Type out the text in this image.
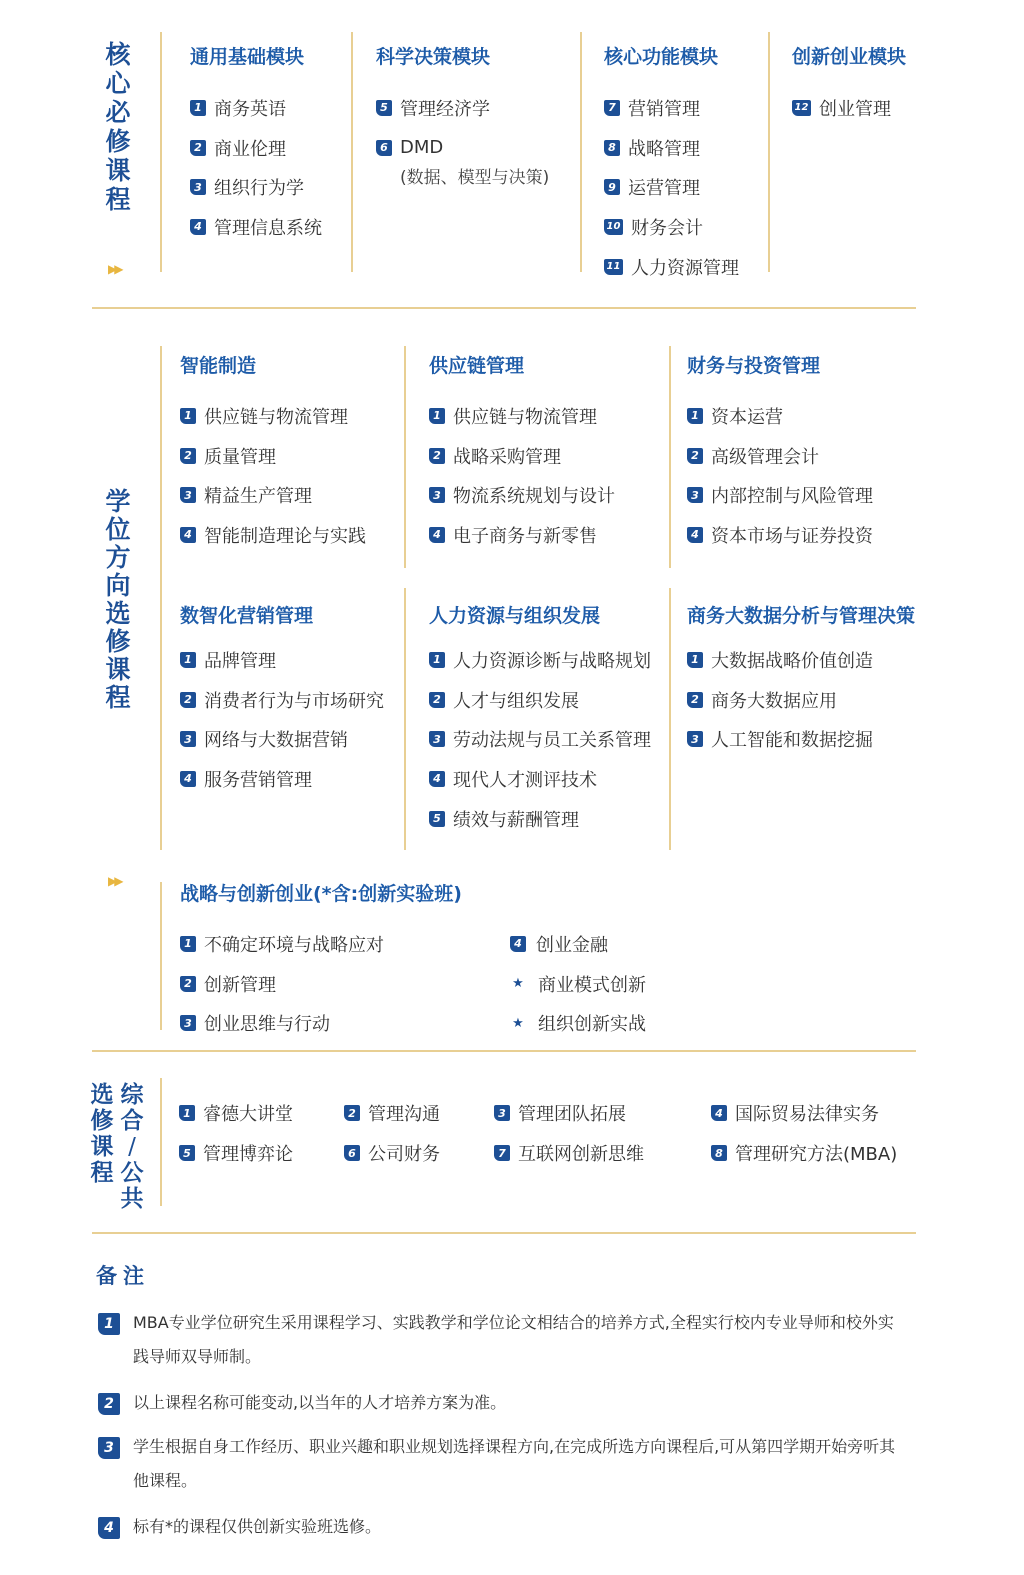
核
心
必
修
课
程
▶▶
通用基础模块
1 商务英语
2 商业伦理
3 组织行为学
4 管理信息系统
科学决策模块
5 管理经济学
6 DMD
(数据、模型与决策)
核心功能模块
7 营销管理
8 战略管理
9 运营管理
10 财务会计
11 人力资源管理
创新创业模块
12 创业管理
学
位
方
向
选
修
课
程
▶▶
智能制造
1 供应链与物流管理
2 质量管理
3 精益生产管理
4 智能制造理论与实践
供应链管理
1 供应链与物流管理
2 战略采购管理
3 物流系统规划与设计
4 电子商务与新零售
财务与投资管理
1 资本运营
2 高级管理会计
3 内部控制与风险管理
4 资本市场与证券投资
数智化营销管理
1 品牌管理
2 消费者行为与市场研究
3 网络与大数据营销
4 服务营销管理
人力资源与组织发展
1 人力资源诊断与战略规划
2 人才与组织发展
3 劳动法规与员工关系管理
4 现代人才测评技术
5 绩效与薪酬管理
商务大数据分析与管理决策
1 大数据战略价值创造
2 商务大数据应用
3 人工智能和数据挖掘
战略与创新创业(*含:创新实验班)
1 不确定环境与战略应对
2 创新管理
3 创业思维与行动
4 创业金融
★ 商业模式创新
★ 组织创新实战
综
合
/
公
共
选
修
课
程
1 睿德大讲堂	2 管理沟通	3 管理团队拓展	4 国际贸易法律实务
5 管理博弈论	6 公司财务	7 互联网创新思维	8 管理研究方法(MBA)
备注
1	MBA专业学位研究生采用课程学习、实践教学和学位论文相结合的培养方式,全程实行校内专业导师和校外实践导师双导师制。
2	以上课程名称可能变动,以当年的人才培养方案为准。
3	学生根据自身工作经历、职业兴趣和职业规划选择课程方向,在完成所选方向课程后,可从第四学期开始旁听其他课程。
4	标有*的课程仅供创新实验班选修。
